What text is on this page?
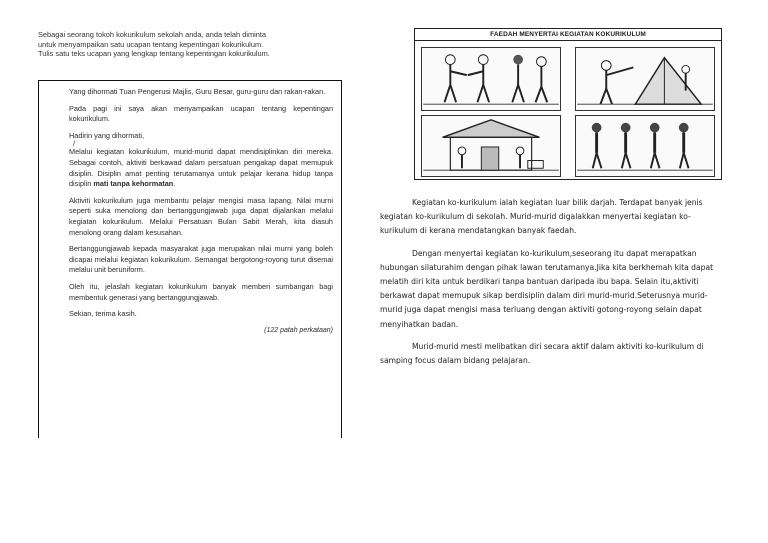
Sebagai seorang tokoh kokurikulum sekolah anda, anda telah diminta

untuk menyampaikan satu ucapan tentang kepentingan kokurikulum.

Tulis satu teks ucapan yang lengkap tentang kepentingan kokurikulum.

Yang dihormati Tuan Pengerusi Majlis, Guru Besar, guru-guru dan rakan-rakan.

Pada pagi ini saya akan menyampaikan ucapan tentang kepentingan kokurikulum.

Hadirin yang dihormati,

/

Melalui kegiatan kokurikulum, murid-murid dapat mendisiplinkan diri mereka. Sebagai contoh, aktiviti berkawad dalam persatuan pengakap dapat memupuk disiplin. Disiplin amat penting terutamanya untuk pelajar kerana hidup tanpa disiplin mati tanpa kehormatan.

Aktiviti kokurikulum juga membantu pelajar mengisi masa lapang. Nilai murni seperti suka menolong dan bertanggungjawab juga dapat dijalankan melalui kegiatan kokurikulum. Melalui Persatuan Bulan Sabit Merah, kita diasuh menolong orang dalam kesusahan.

Bertanggungjawab kepada masyarakat juga merupakan nilai murni yang boleh dicapai melalui kegiatan kokurikulum. Semangat bergotong-royong turut disemai melalui unit beruniform.

Oleh itu, jelaslah kegiatan kokurikulum banyak memberi sumbangan bagi membentuk generasi yang bertanggungjawab.

Sekian, terima kasih.

(122 patah perkataan)
FAEDAH MENYERTAI KEGIATAN KOKURIKULUM

Kegiatan ko-kurikulum ialah kegiatan luar bilik darjah. Terdapat banyak jenis kegiatan ko-kurikulum di sekolah. Murid-murid digalakkan menyertai kegiatan ko-kurikulum di kerana mendatangkan banyak faedah.

Dengan menyertai kegiatan ko-kurikulum,seseorang itu dapat merapatkan hubungan silaturahim dengan pihak lawan terutamanya.Jika kita berkhemah kita dapat melatih diri kita untuk berdikari tanpa bantuan daripada ibu bapa. Selain itu,aktiviti berkawat dapat memupuk sikap berdisiplin dalam diri murid-murid.Seterusnya murid-murid juga dapat mengisi masa terluang dengan aktiviti gotong-royong selain dapat menyihatkan badan.

Murid-murid mesti melibatkan diri secara aktif dalam aktiviti ko-kurikulum di samping focus dalam bidang pelajaran.
